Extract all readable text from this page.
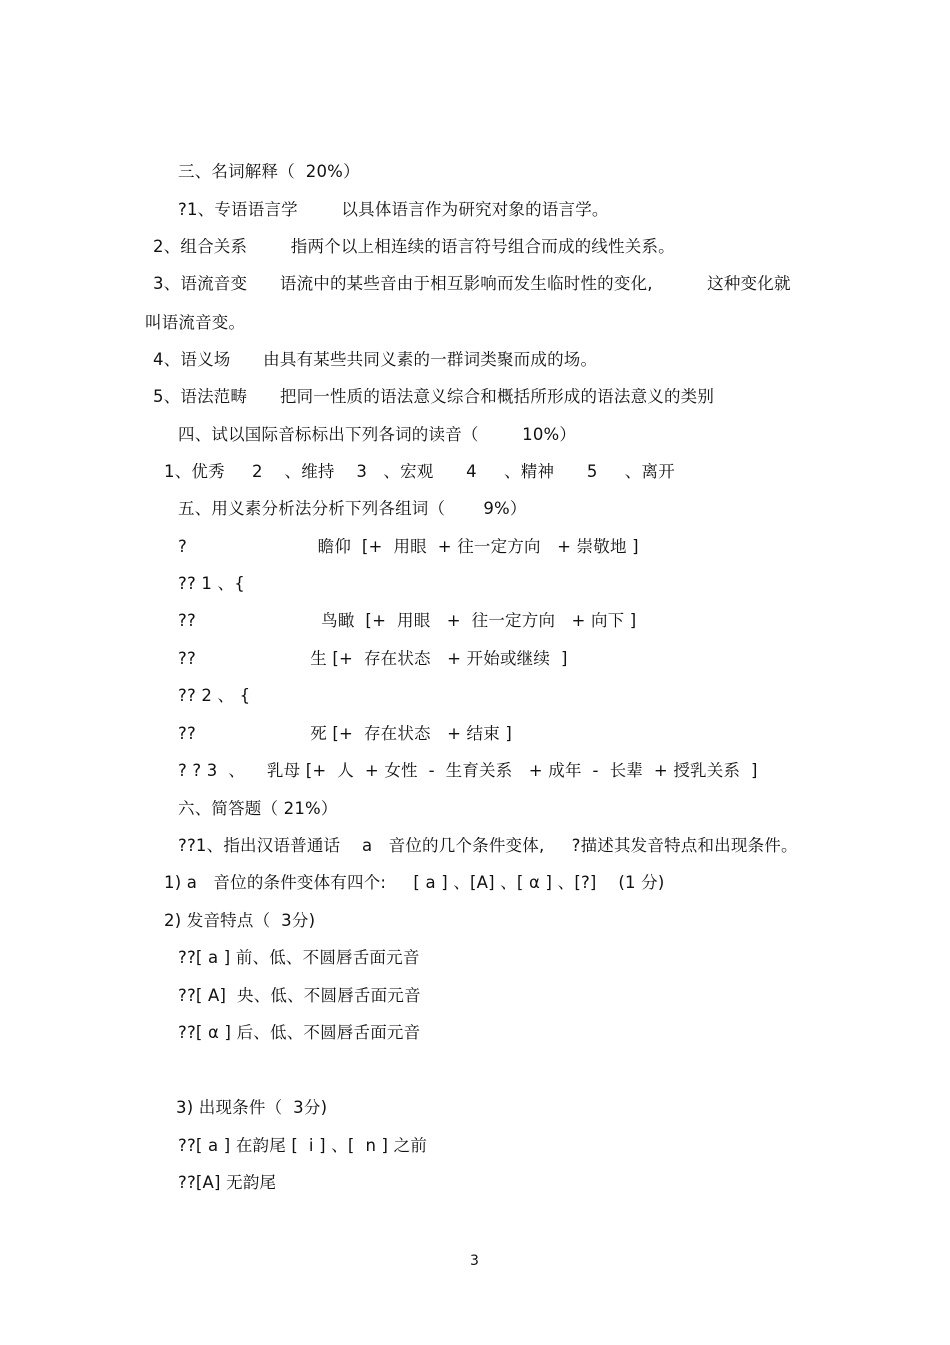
三、名词解释（  20%）
?1、专语语言学        以具体语言作为研究对象的语言学。
2、组合关系        指两个以上相连续的语言符号组合而成的线性关系。
3、语流音变      语流中的某些音由于相互影响而发生临时性的变化,          这种变化就
叫语流音变。
4、语义场      由具有某些共同义素的一群词类聚而成的场。
5、语法范畴      把同一性质的语法意义综合和概括所形成的语法意义的类别
四、试以国际音标标出下列各词的读音（        10%）
1、优秀     2    、维持    3   、宏观      4     、精神      5     、离开
五、用义素分析法分析下列各组词（       9%）
?                        瞻仰  [+  用眼  + 往一定方向   + 崇敬地 ]
?? 1 、{
??                       鸟瞰  [+  用眼   +  往一定方向   + 向下 ]
??                     生 [+  存在状态   + 开始或继续  ]
?? 2 、 {
??                     死 [+  存在状态   + 结束 ]
? ? 3  、    乳母 [+  人  + 女性  -  生育关系   + 成年  -  长辈  + 授乳关系  ]
六、简答题（ 21%）
??1、指出汉语普通话    a   音位的几个条件变体,     ?描述其发音特点和出现条件。
1) a   音位的条件变体有四个:     [ a ] 、[A] 、[ α ] 、[?]    (1 分)
2) 发音特点（  3分)
??[ a ] 前、低、不圆唇舌面元音
??[ A]  央、低、不圆唇舌面元音
??[ α ] 后、低、不圆唇舌面元音
3) 出现条件（  3分)
??[ a ] 在韵尾 [  i ] 、[  n ] 之前
??[A] 无韵尾
3
